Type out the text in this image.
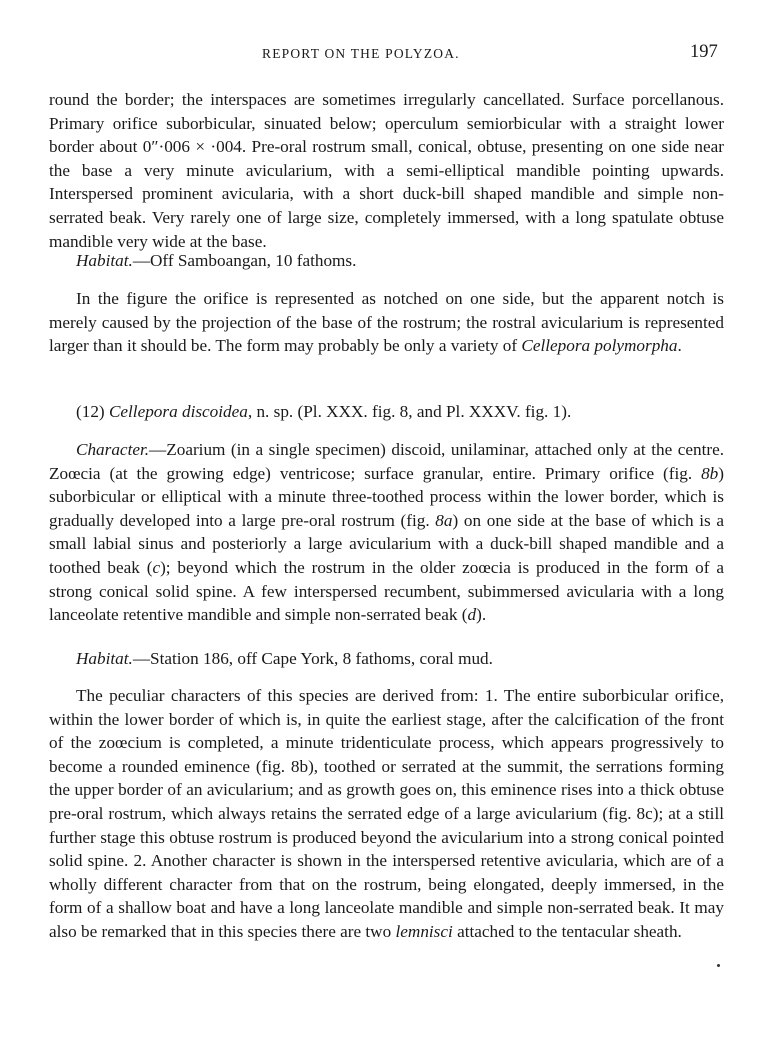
REPORT ON THE POLYZOA.	197

round the border; the interspaces are sometimes irregularly cancellated. Surface porcellanous. Primary orifice suborbicular, sinuated below; operculum semiorbicular with a straight lower border about 0″·006 × ·004. Pre-oral rostrum small, conical, obtuse, presenting on one side near the base a very minute avicularium, with a semi-elliptical mandible pointing upwards. Interspersed prominent avicularia, with a short duck-bill shaped mandible and simple non-serrated beak. Very rarely one of large size, completely immersed, with a long spatulate obtuse mandible very wide at the base.

Habitat.—Off Samboangan, 10 fathoms.

In the figure the orifice is represented as notched on one side, but the apparent notch is merely caused by the projection of the base of the rostrum; the rostral avicularium is represented larger than it should be. The form may probably be only a variety of Cellepora polymorpha.

(12) Cellepora discoidea, n. sp. (Pl. XXX. fig. 8, and Pl. XXXV. fig. 1).

Character.—Zoarium (in a single specimen) discoid, unilaminar, attached only at the centre. Zoœcia (at the growing edge) ventricose; surface granular, entire. Primary orifice (fig. 8b) suborbicular or elliptical with a minute three-toothed process within the lower border, which is gradually developed into a large pre-oral rostrum (fig. 8a) on one side at the base of which is a small labial sinus and posteriorly a large avicularium with a duck-bill shaped mandible and a toothed beak (c); beyond which the rostrum in the older zoœcia is produced in the form of a strong conical solid spine. A few interspersed recumbent, subimmersed avicularia with a long lanceolate retentive mandible and simple non-serrated beak (d).

Habitat.—Station 186, off Cape York, 8 fathoms, coral mud.

The peculiar characters of this species are derived from: 1. The entire suborbicular orifice, within the lower border of which is, in quite the earliest stage, after the calcification of the front of the zoœcium is completed, a minute tridenticulate process, which appears progressively to become a rounded eminence (fig. 8b), toothed or serrated at the summit, the serrations forming the upper border of an avicularium; and as growth goes on, this eminence rises into a thick obtuse pre-oral rostrum, which always retains the serrated edge of a large avicularium (fig. 8c); at a still further stage this obtuse rostrum is produced beyond the avicularium into a strong conical pointed solid spine. 2. Another character is shown in the interspersed retentive avicularia, which are of a wholly different character from that on the rostrum, being elongated, deeply immersed, in the form of a shallow boat and have a long lanceolate mandible and simple non-serrated beak. It may also be remarked that in this species there are two lemnisci attached to the tentacular sheath.
